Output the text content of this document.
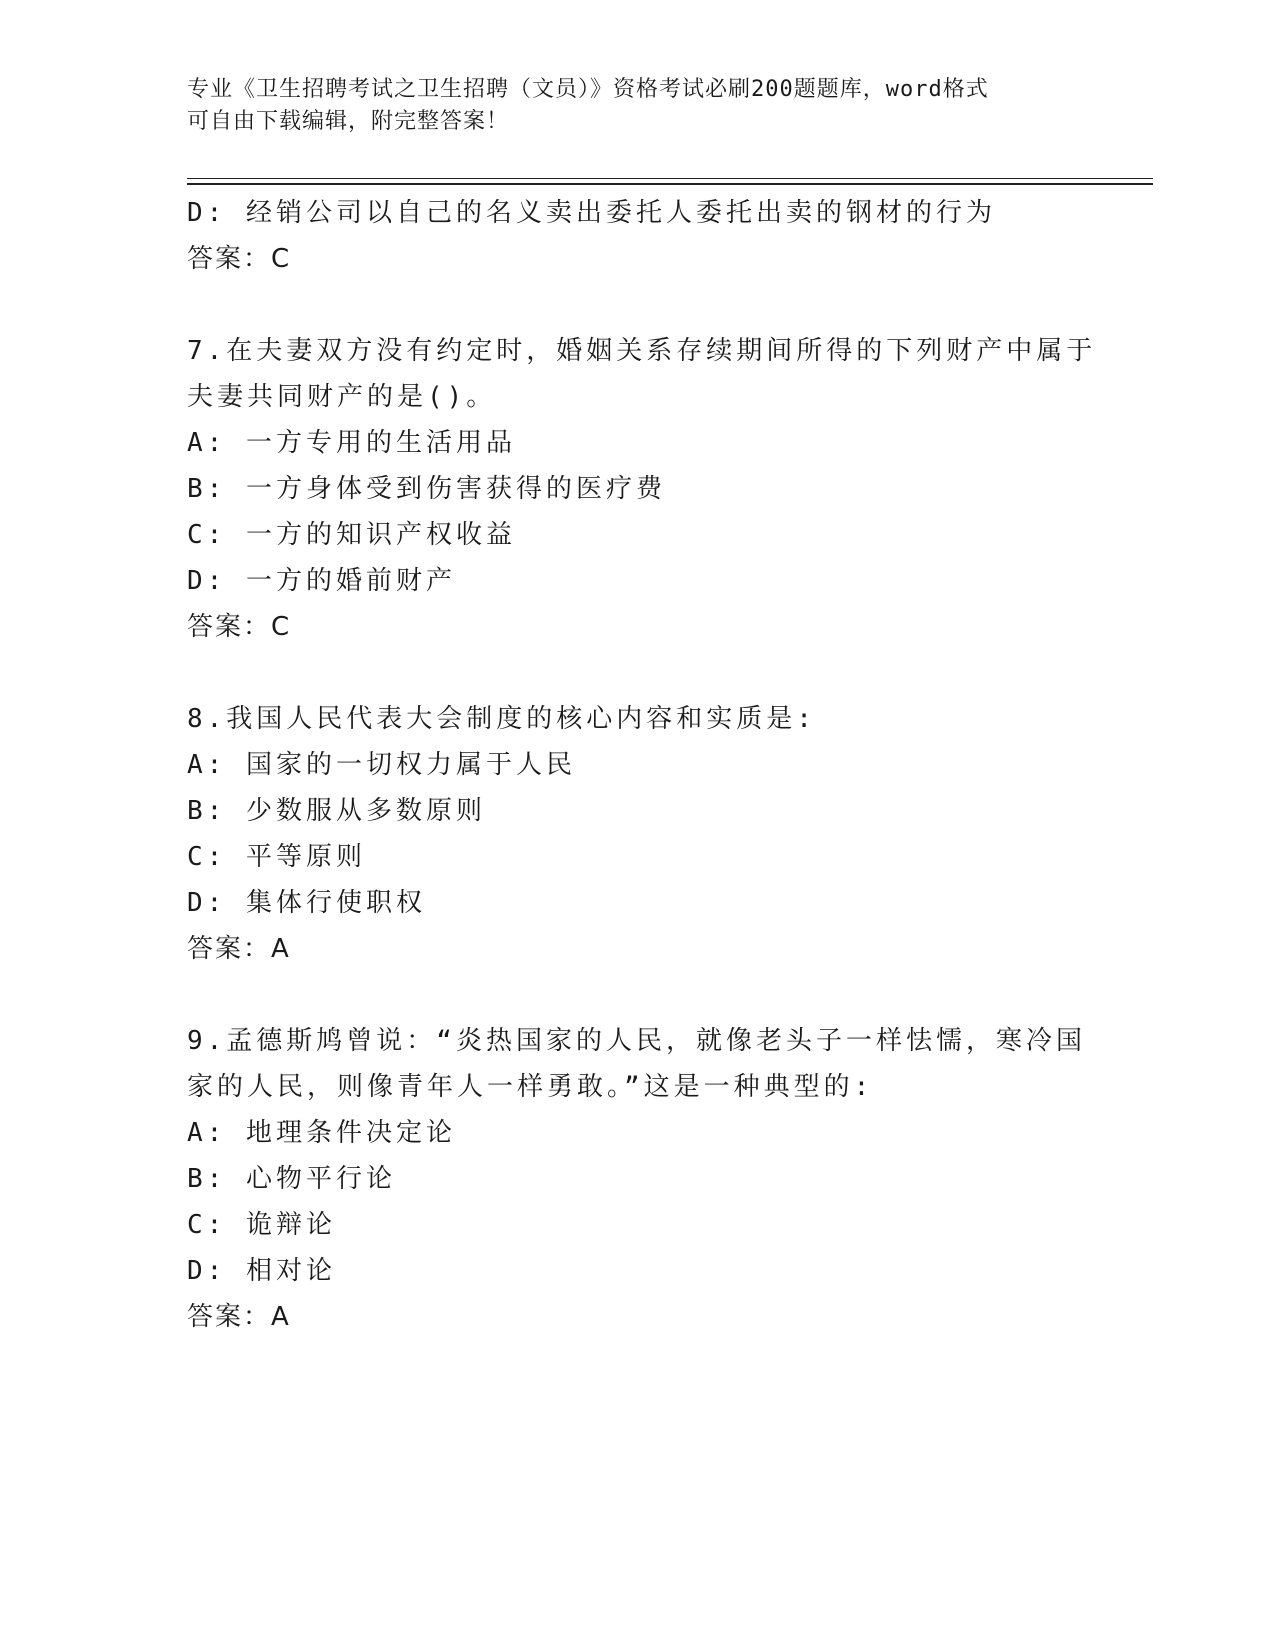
专业《卫生招聘考试之卫生招聘（文员）》资格考试必刷200题题库，word格式
可自由下载编辑，附完整答案！
D: 经销公司以自己的名义卖出委托人委托出卖的钢材的行为
答案：C
7.在夫妻双方没有约定时，婚姻关系存续期间所得的下列财产中属于
夫妻共同财产的是()。
A: 一方专用的生活用品
B: 一方身体受到伤害获得的医疗费
C: 一方的知识产权收益
D: 一方的婚前财产
答案：C
8.我国人民代表大会制度的核心内容和实质是:
A: 国家的一切权力属于人民
B: 少数服从多数原则
C: 平等原则
D: 集体行使职权
答案：A
9.孟德斯鸠曾说：“炎热国家的人民，就像老头子一样怯懦，寒冷国
家的人民，则像青年人一样勇敢。”这是一种典型的:
A: 地理条件决定论
B: 心物平行论
C: 诡辩论
D: 相对论
答案：A
